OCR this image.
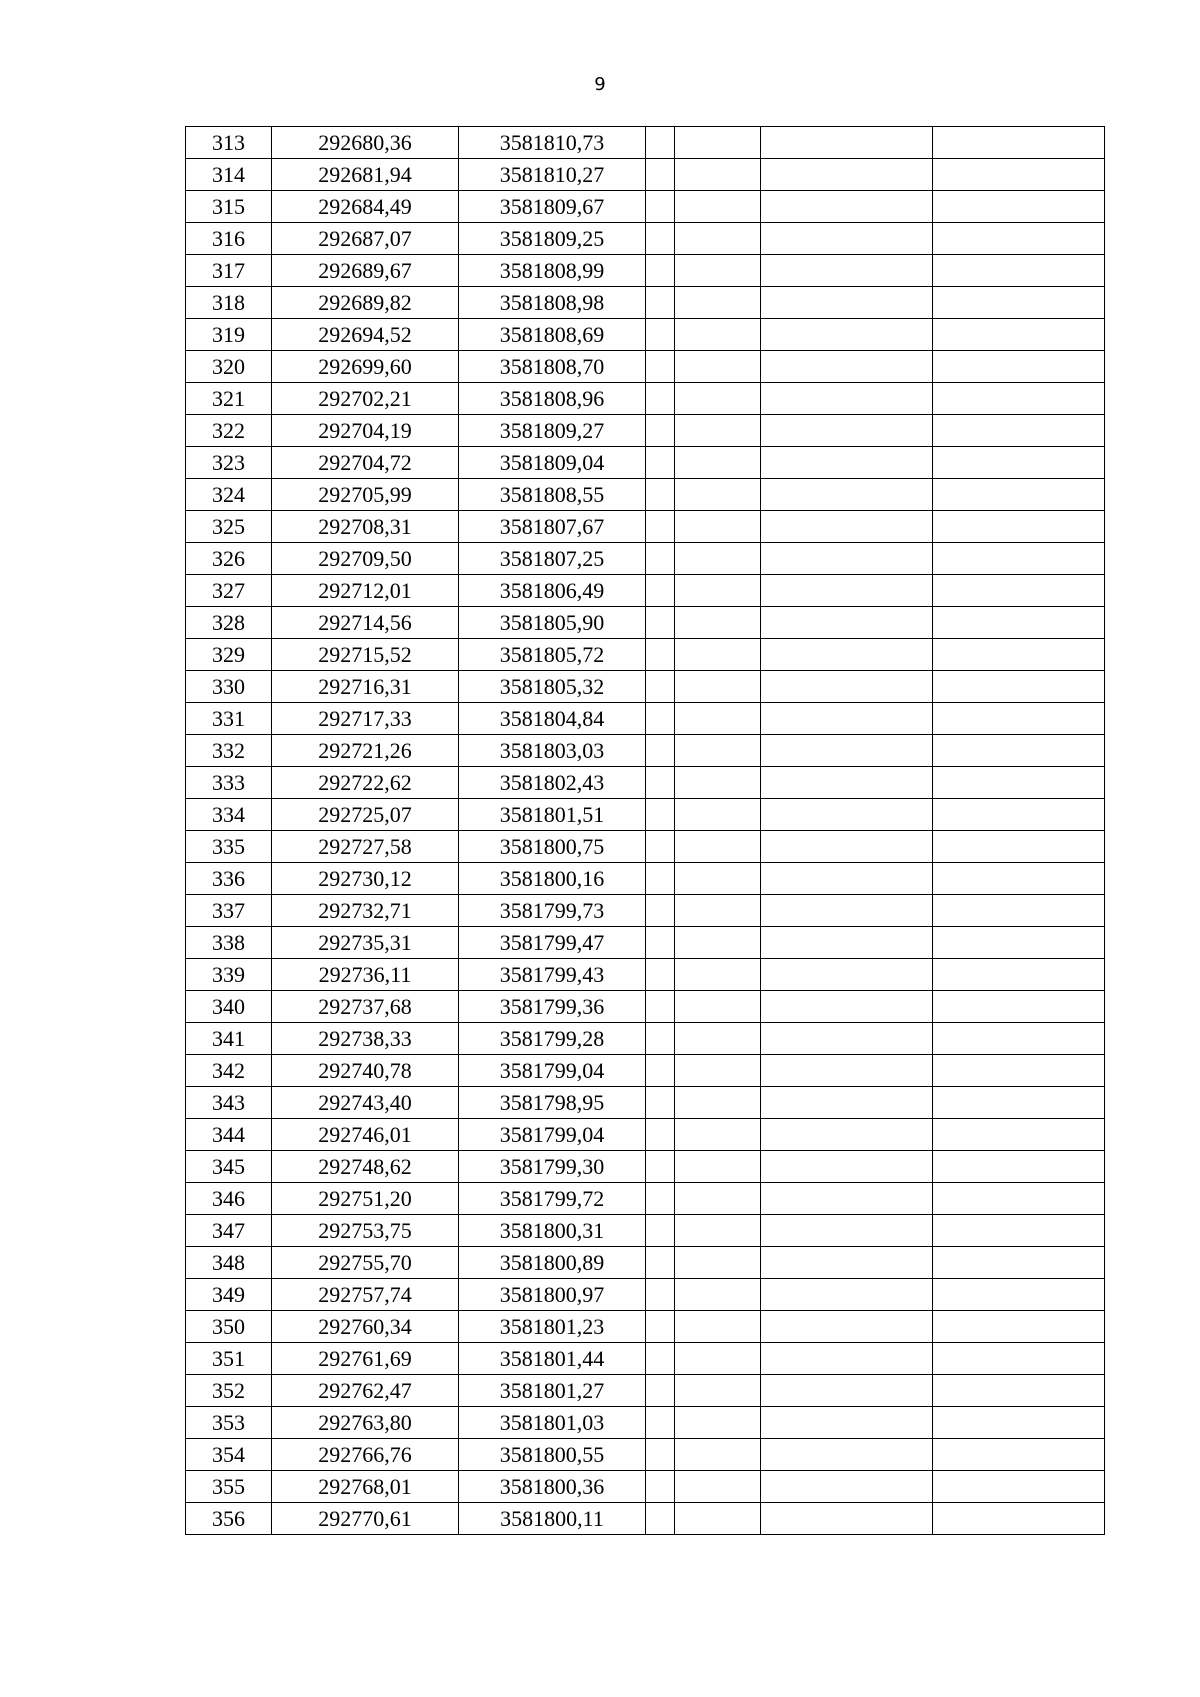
9
313	292680,36	3581810,73				
314	292681,94	3581810,27				
315	292684,49	3581809,67				
316	292687,07	3581809,25				
317	292689,67	3581808,99				
318	292689,82	3581808,98				
319	292694,52	3581808,69				
320	292699,60	3581808,70				
321	292702,21	3581808,96				
322	292704,19	3581809,27				
323	292704,72	3581809,04				
324	292705,99	3581808,55				
325	292708,31	3581807,67				
326	292709,50	3581807,25				
327	292712,01	3581806,49				
328	292714,56	3581805,90				
329	292715,52	3581805,72				
330	292716,31	3581805,32				
331	292717,33	3581804,84				
332	292721,26	3581803,03				
333	292722,62	3581802,43				
334	292725,07	3581801,51				
335	292727,58	3581800,75				
336	292730,12	3581800,16				
337	292732,71	3581799,73				
338	292735,31	3581799,47				
339	292736,11	3581799,43				
340	292737,68	3581799,36				
341	292738,33	3581799,28				
342	292740,78	3581799,04				
343	292743,40	3581798,95				
344	292746,01	3581799,04				
345	292748,62	3581799,30				
346	292751,20	3581799,72				
347	292753,75	3581800,31				
348	292755,70	3581800,89				
349	292757,74	3581800,97				
350	292760,34	3581801,23				
351	292761,69	3581801,44				
352	292762,47	3581801,27				
353	292763,80	3581801,03				
354	292766,76	3581800,55				
355	292768,01	3581800,36				
356	292770,61	3581800,11				
